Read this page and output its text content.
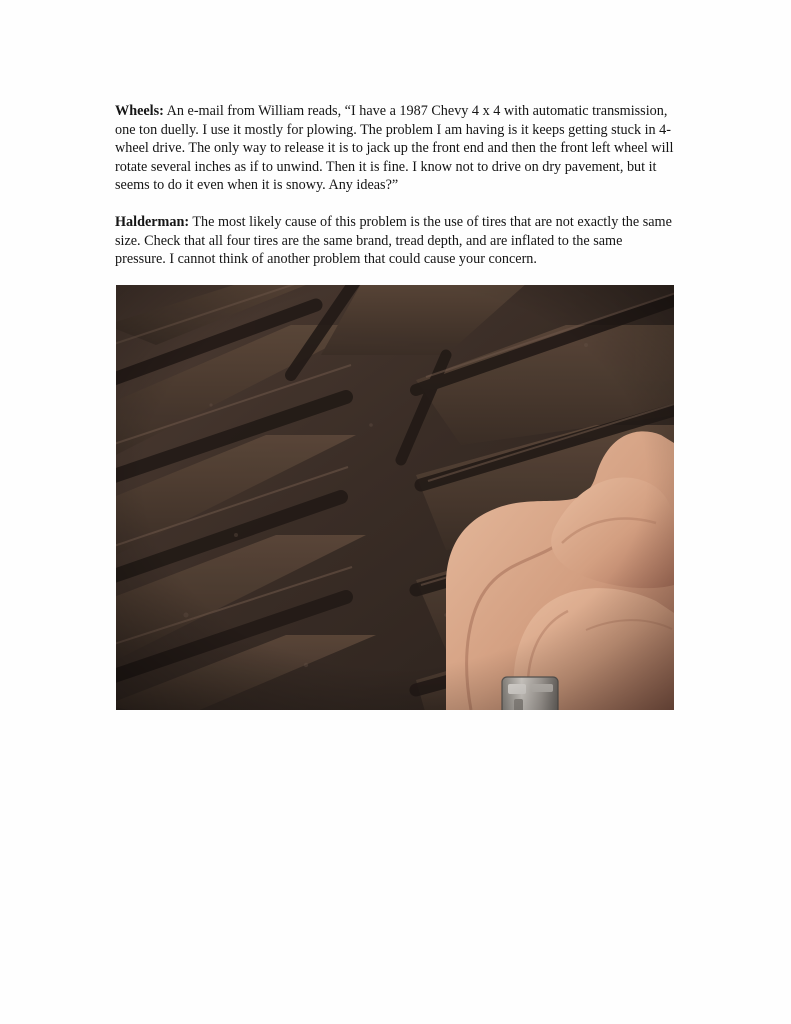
Wheels: An e-mail from William reads, “I have a 1987 Chevy 4 x 4 with automatic transmission, one ton duelly. I use it mostly for plowing. The problem I am having is it keeps getting stuck in 4-wheel drive. The only way to release it is to jack up the front end and then the front left wheel will rotate several inches as if to unwind. Then it is fine. I know not to drive on dry pavement, but it seems to do it even when it is snowy. Any ideas?”

Halderman: The most likely cause of this problem is the use of tires that are not exactly the same size. Check that all four tires are the same brand, tread depth, and are inflated to the same pressure. I cannot think of another problem that could cause your concern.
